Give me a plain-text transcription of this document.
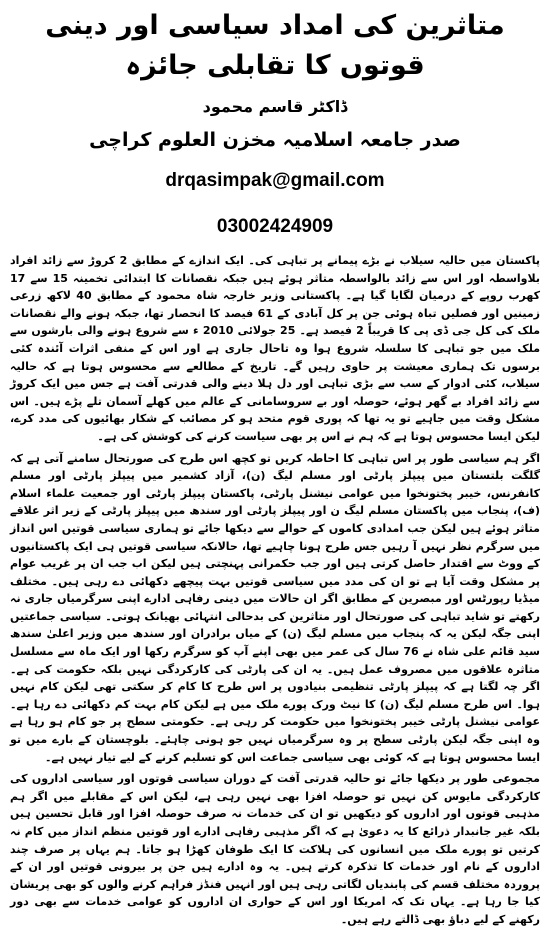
متاثرین کی امداد سیاسی اور دینی قوتوں کا تقابلی جائزہ
ڈاکٹر قاسم محمود
صدر جامعہ اسلامیہ مخزن العلوم کراچی
drqasimpak@gmail.com
03002424909

پاکستان میں حالیہ سیلاب نے بڑے پیمانے پر تباہی کی۔ ایک اندازے کے مطابق 2 کروڑ سے زائد افراد بلاواسطہ اور اس سے زائد بالواسطہ متاثر ہوئے ہیں جبکہ نقصانات کا ابتدائی تخمینہ 15 سے 17 کھرب روپے کے درمیان لگایا گیا ہے۔ پاکستانی وزیر خارجہ شاہ محمود کے مطابق 40 لاکھ زرعی زمینیں اور فصلیں تباہ ہوئی جن پر کل آبادی کے 61 فیصد کا انحصار تھا، جبکہ ہونے والے نقصانات ملک کی کل جی ڈی پی کا قریباً 2 فیصد ہے۔ 25 جولائی 2010 ء سے شروع ہونے والی بارشوں سے ملک میں جو تباہی کا سلسلہ شروع ہوا وہ تاحال جاری ہے اور اس کے منفی اثرات آئندہ کئی برسوں تک ہماری معیشت پر حاوی رہیں گے۔ تاریخ کے مطالعے سے محسوس ہوتا ہے کہ حالیہ سیلاب، کئی ادوار کے سب سے بڑی تباہی اور دل ہلا دینے والی قدرتی آفت ہے جس میں ایک کروڑ سے زائد افراد بے گھر ہوئے، حوصلہ اور بے سروسامانی کے عالم میں کھلے آسمان تلے پڑے ہیں۔ اس مشکل وقت میں جاہیے تو یہ تھا کہ پوری قوم متحد ہو کر مصائب کے شکار بھائیوں کی مدد کرے، لیکن ایسا محسوس ہوتا ہے کہ ہم نے اس پر بھی سیاست کرنے کی کوشش کی ہے۔

اگر ہم سیاسی طور پر اس تباہی کا احاطہ کریں تو کچھ اس طرح کی صورتحال سامنے آتی ہے کہ گلگت بلتستان میں پیپلز پارٹی اور مسلم لیگ (ن)، آزاد کشمیر میں پیپلز پارٹی اور مسلم کانفرنس، خیبر پختونخوا میں عوامی نیشنل پارٹی، پاکستان پیپلز پارٹی اور جمعیت علماء اسلام (ف)، پنجاب میں پاکستان مسلم لیگ ن اور پیپلز پارٹی اور سندھ میں پیپلز پارٹی کے زیر اثر علاقے متاثر ہوئے ہیں لیکن جب امدادی کاموں کے حوالے سے دیکھا جائے تو ہماری سیاسی قوتیں اس انداز میں سرگرم نظر نہیں آ رہیں جس طرح ہونا چاہیے تھا، حالانکہ سیاسی قوتیں ہی ایک پاکستانیوں کے ووٹ سے اقتدار حاصل کرتی ہیں اور جب حکمرانی پہنچتی ہیں لیکن اب جب ان پر غریب عوام پر مشکل وقت آیا ہے تو ان کی مدد میں سیاسی قوتیں بہت پیچھے دکھائی دے رہی ہیں۔ مختلف میڈیا رپورٹس اور مبصرین کے مطابق اگر ان حالات میں دینی رفاہی ادارے اپنی سرگرمیاں جاری نہ رکھتے تو شاید تباہی کی صورتحال اور متاثرین کی بدحالی انتہائی بھیانک ہوتی۔ سیاسی جماعتیں اپنی جگہ لیکن یہ کہ پنجاب میں مسلم لیگ (ن) کے میاں برادران اور سندھ میں وزیر اعلیٰ سندھ سید قائم علی شاہ نے 76 سال کی عمر میں بھی اپنے آپ کو سرگرم رکھا اور ایک ماہ سے مسلسل متاثرہ علاقوں میں مصروف عمل ہیں۔ یہ ان کی پارٹی کی کارکردگی نہیں بلکہ حکومت کی ہے۔ اگر چہ لگتا ہے کہ پیپلز پارٹی تنظیمی بنیادوں پر اس طرح کا کام کر سکتی تھی لیکن کام نہیں ہوا۔ اس طرح مسلم لیگ (ن) کا نیٹ ورک پورے ملک میں ہے لیکن کام بہت کم دکھائی دے رہا ہے۔ عوامی نیشنل پارٹی خیبر پختونخوا میں حکومت کر رہی ہے۔ حکومتی سطح پر جو کام ہو رہا ہے وہ اپنی جگہ لیکن پارٹی سطح پر وہ سرگرمیاں نہیں جو ہونی چاہئے۔ بلوچستان کے بارے میں تو ایسا محسوس ہوتا ہے کہ کوئی بھی سیاسی جماعت اس کو تسلیم کرنے کے لیے تیار نہیں ہے۔

مجموعی طور پر دیکھا جائے تو حالیہ قدرتی آفت کے دوران سیاسی قوتوں اور سیاسی اداروں کی کارکردگی مایوس کن نہیں تو حوصلہ افزا بھی نہیں رہی ہے، لیکن اس کے مقابلے میں اگر ہم مذہبی قوتوں اور اداروں کو دیکھیں تو ان کی خدمات نہ صرف حوصلہ افزا اور قابل تحسین ہیں بلکہ غیر جانبدار ذرائع کا یہ دعویٰ ہے کہ اگر مذہبی رفاہی ادارے اور قوتیں منظم انداز میں کام نہ کرتیں تو پورے ملک میں انسانوں کی ہلاکت کا ایک طوفان کھڑا ہو جاتا۔ ہم یہاں پر صرف چند اداروں کے نام اور خدمات کا تذکرہ کرتے ہیں۔ یہ وہ ادارے ہیں جن پر بیرونی قوتیں اور ان کے پروردہ مختلف قسم کی پابندیاں لگاتی رہی ہیں اور انہیں فنڈز فراہم کرنے والوں کو بھی پریشان کیا جا رہا ہے۔ یہاں تک کہ امریکا اور اس کے حواری ان اداروں کو عوامی خدمات سے بھی دور رکھنے کے لیے دباؤ بھی ڈالتے رہے ہیں۔
